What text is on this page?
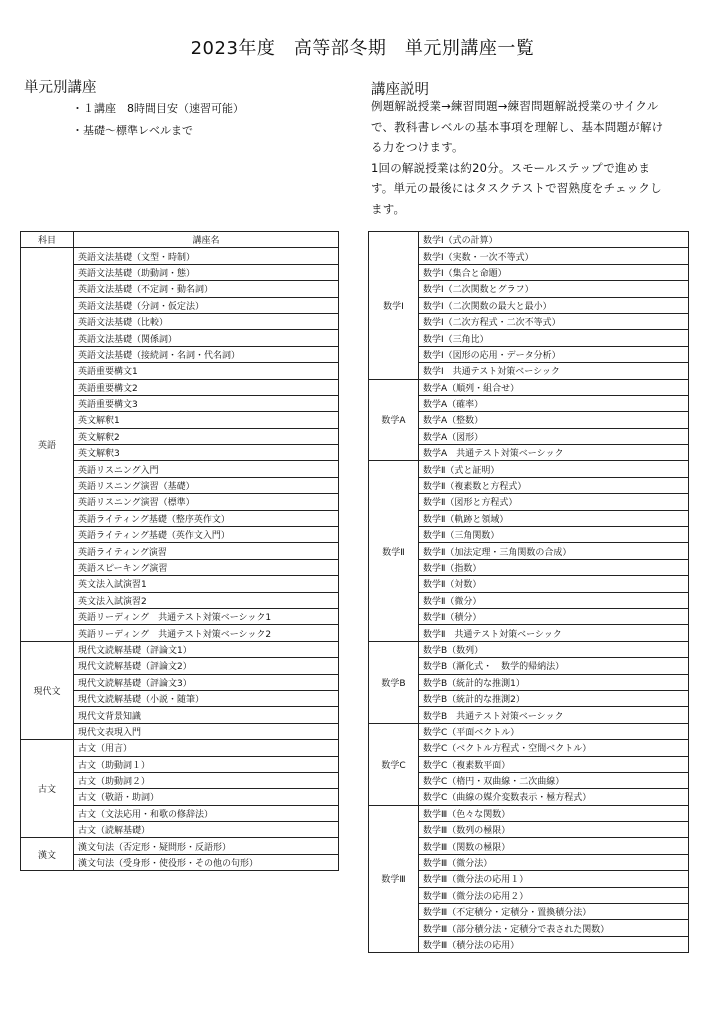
2023年度　高等部冬期　単元別講座一覧
単元別講座
・１講座　8時間目安（速習可能）
・基礎〜標準レベルまで
講座説明
例題解説授業→練習問題→練習問題解説授業のサイクル
で、教科書レベルの基本事項を理解し、基本問題が解け
る力をつけます。
1回の解説授業は約20分。スモールステップで進めま
す。単元の最後にはタスクテストで習熟度をチェックし
ます。
科目	講座名
英語	英語文法基礎（文型・時制）
	英語文法基礎（助動詞・態）
	英語文法基礎（不定詞・動名詞）
	英語文法基礎（分詞・仮定法）
	英語文法基礎（比較）
	英語文法基礎（関係詞）
	英語文法基礎（接続詞・名詞・代名詞）
	英語重要構文1
	英語重要構文2
	英語重要構文3
	英文解釈1
	英文解釈2
	英文解釈3
	英語リスニング入門
	英語リスニング演習（基礎）
	英語リスニング演習（標準）
	英語ライティング基礎（整序英作文）
	英語ライティング基礎（英作文入門）
	英語ライティング演習
	英語スピーキング演習
	英文法入試演習1
	英文法入試演習2
	英語リーディング　共通テスト対策ベーシック1
	英語リーディング　共通テスト対策ベーシック2
現代文	現代文読解基礎（評論文1）
	現代文読解基礎（評論文2）
	現代文読解基礎（評論文3）
	現代文読解基礎（小説・随筆）
	現代文背景知識
	現代文表現入門
古文	古文（用言）
	古文（助動詞１）
	古文（助動詞２）
	古文（敬語・助詞）
	古文（文法応用・和歌の修辞法）
	古文（読解基礎）
漢文	漢文句法（否定形・疑問形・反語形）
	漢文句法（受身形・使役形・その他の句形）
数学Ⅰ	数学Ⅰ（式の計算）
	数学Ⅰ（実数・一次不等式）
	数学Ⅰ（集合と命題）
	数学Ⅰ（二次関数とグラフ）
	数学Ⅰ（二次関数の最大と最小）
	数学Ⅰ（二次方程式・二次不等式）
	数学Ⅰ（三角比）
	数学Ⅰ（図形の応用・データ分析）
	数学Ⅰ　共通テスト対策ベーシック
数学A	数学A（順列・組合せ）
	数学A（確率）
	数学A（整数）
	数学A（図形）
	数学A　共通テスト対策ベーシック
数学Ⅱ	数学Ⅱ（式と証明）
	数学Ⅱ（複素数と方程式）
	数学Ⅱ（図形と方程式）
	数学Ⅱ（軌跡と領域）
	数学Ⅱ（三角関数）
	数学Ⅱ（加法定理・三角関数の合成）
	数学Ⅱ（指数）
	数学Ⅱ（対数）
	数学Ⅱ（微分）
	数学Ⅱ（積分）
	数学Ⅱ　共通テスト対策ベーシック
数学B	数学B（数列）
	数学B（漸化式・　数学的帰納法）
	数学B（統計的な推測1）
	数学B（統計的な推測2）
	数学B　共通テスト対策ベーシック
数学C	数学C（平面ベクトル）
	数学C（ベクトル方程式・空間ベクトル）
	数学C（複素数平面）
	数学C（楕円・双曲線・二次曲線）
	数学C（曲線の媒介変数表示・極方程式）
数学Ⅲ	数学Ⅲ（色々な関数）
	数学Ⅲ（数列の極限）
	数学Ⅲ（関数の極限）
	数学Ⅲ（微分法）
	数学Ⅲ（微分法の応用１）
	数学Ⅲ（微分法の応用２）
	数学Ⅲ（不定積分・定積分・置換積分法）
	数学Ⅲ（部分積分法・定積分で表された関数）
	数学Ⅲ（積分法の応用）
